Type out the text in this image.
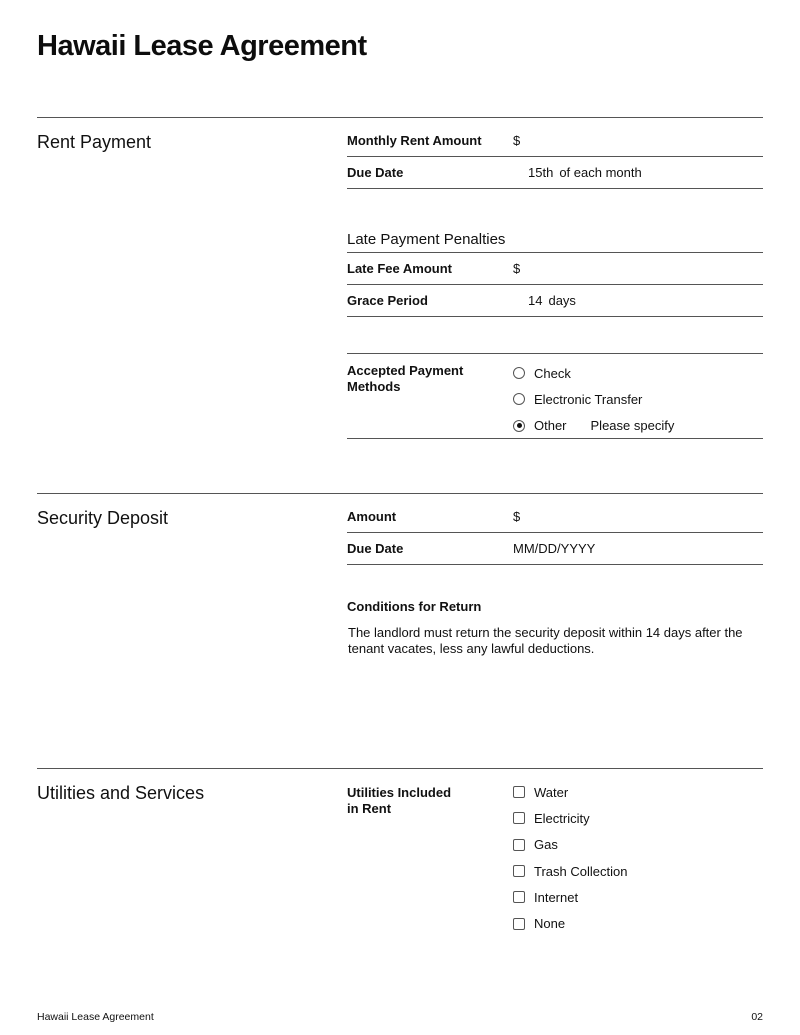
Hawaii Lease Agreement
Rent Payment	Monthly Rent Amount	$
Due Date	15th of each month
Late Payment Penalties
Late Fee Amount	$
Grace Period	14 days
Accepted Payment
Methods
Check
Electronic Transfer
Other Please specify
Security Deposit	Amount	$
Due Date	MM/DD/YYYY
Conditions for Return
The landlord must return the security deposit within 14 days after the tenant vacates, less any lawful deductions.
Utilities and Services	Utilities Included
in Rent
Water
Electricity
Gas
Trash Collection
Internet
None
Hawaii Lease Agreement	02
